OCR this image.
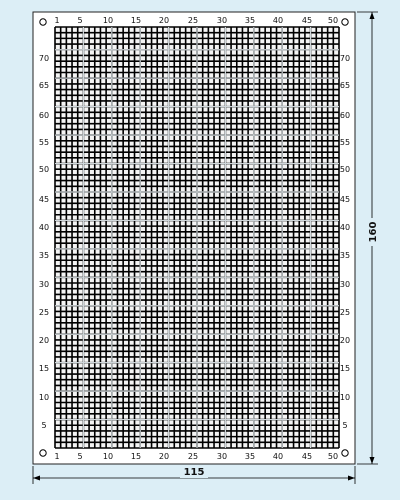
1 5	10 15 20 25 30 35 40 45 50
1 5	10 15 20 25 30 35 40 45 50
70
65
60
55
50
45
40
35
30
25
20
15
10
5
70
65
60
55
50
45
40
35
30
25
20
15
10
5
115
160
